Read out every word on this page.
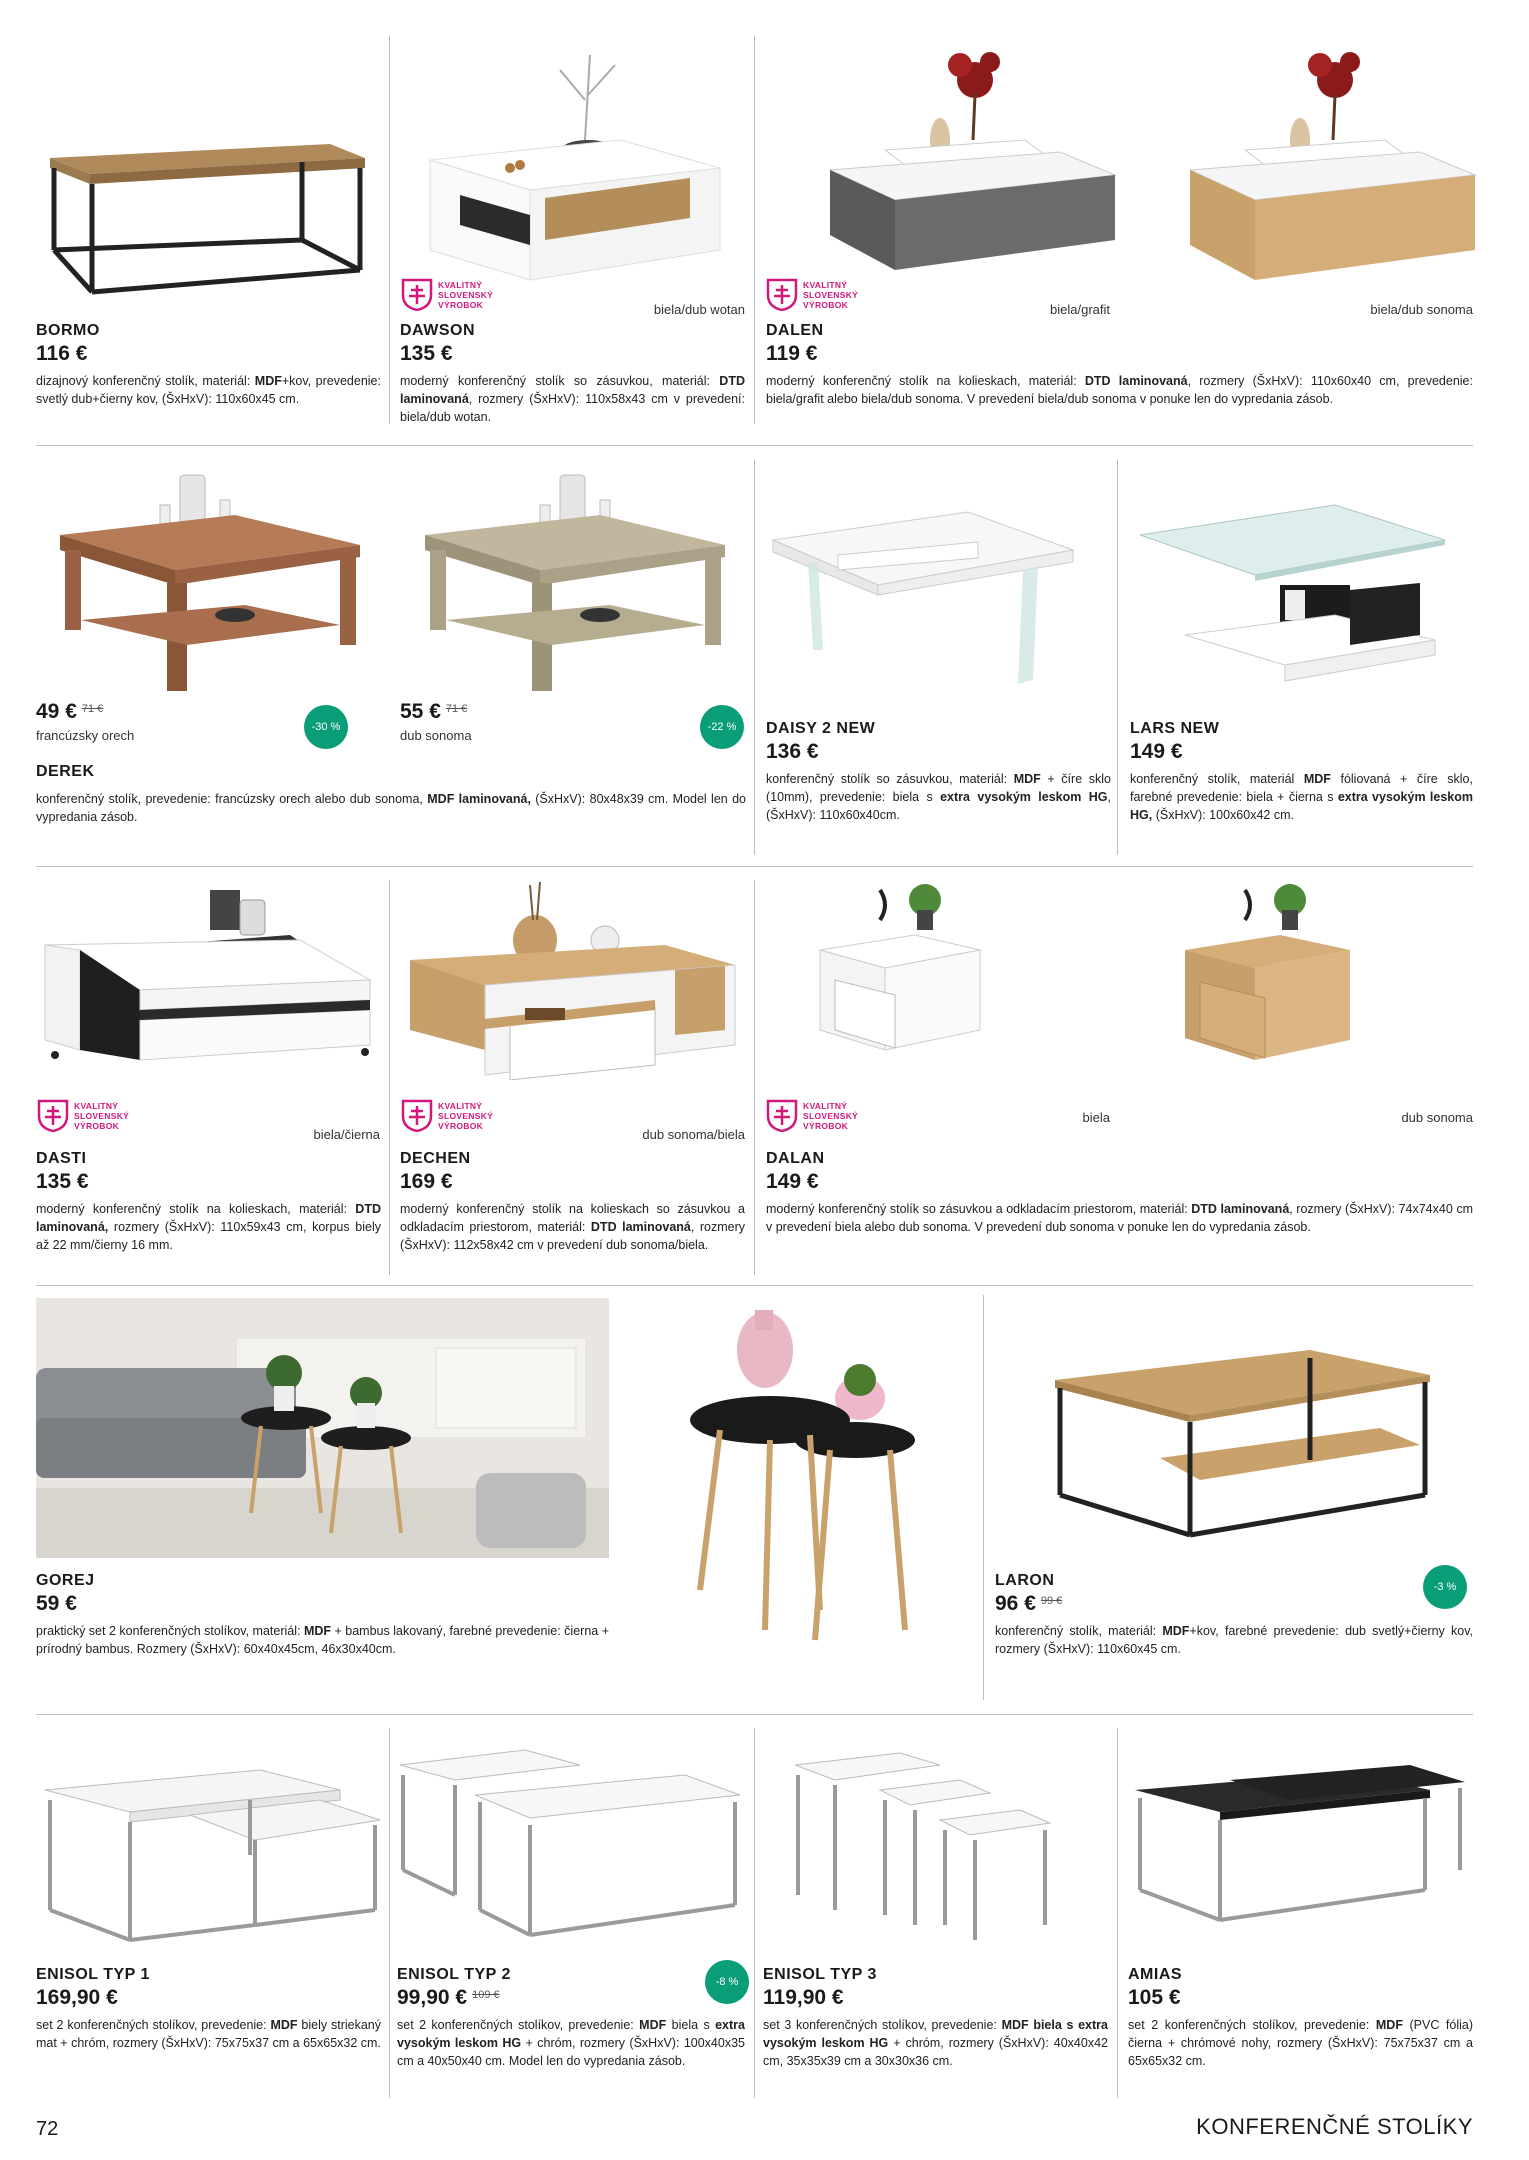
BORMO
116 €
dizajnový konferenčný stolík, materiál: MDF+kov, prevedenie: svetlý dub+čierny kov, (ŠxHxV): 110x60x45 cm.
KVALITNÝ
SLOVENSKÝ
VÝROBOK	biela/dub wotan
DAWSON
135 €
moderný konferenčný stolík so zásuvkou, materiál: DTD laminovaná, rozmery (ŠxHxV): 110x58x43 cm v prevedení: biela/dub wotan.
KVALITNÝ
SLOVENSKÝ
VÝROBOK	biela/grafit	biela/dub sonoma
DALEN
119 €
moderný konferenčný stolík na kolieskach, materiál: DTD laminovaná, rozmery (ŠxHxV): 110x60x40 cm, prevedenie: biela/grafit alebo biela/dub sonoma. V prevedení biela/dub sonoma v ponuke len do vypredania zásob.
49 € $^{71 €}$
francúzsky orech
-30 %
55 € $^{71 €}$
dub sonoma
-22 %
DEREK
konferenčný stolík, prevedenie: francúzsky orech alebo dub sonoma, MDF laminovaná, (ŠxHxV): 80x48x39 cm. Model len do vypredania zásob.
DAISY 2 NEW
136 €
konferenčný stolík so zásuvkou, materiál: MDF + číre sklo (10mm), prevedenie: biela s extra vysokým leskom HG, (ŠxHxV): 110x60x40cm.
LARS NEW
149 €
konferenčný stolík, materiál MDF fóliovaná + číre sklo, farebné prevedenie: biela + čierna s extra vysokým leskom HG, (ŠxHxV): 100x60x42 cm.
KVALITNÝ
SLOVENSKÝ
VÝROBOK
biela/čierna
DASTI
135 €
moderný konferenčný stolík na kolieskach, materiál: DTD laminovaná, rozmery (ŠxHxV): 110x59x43 cm, korpus biely až 22 mm/čierny 16 mm.
KVALITNÝ
SLOVENSKÝ
VÝROBOK
dub sonoma/biela
DECHEN
169 €
moderný konferenčný stolík na kolieskach so zásuvkou a odkladacím priestorom, materiál: DTD laminovaná, rozmery (ŠxHxV): 112x58x42 cm v prevedení dub sonoma/biela.
KVALITNÝ
SLOVENSKÝ
VÝROBOK
biela	dub sonoma
DALAN
149 €
moderný konferenčný stolík so zásuvkou a odkladacím priestorom, materiál: DTD laminovaná, rozmery (ŠxHxV): 74x74x40 cm v prevedení biela alebo dub sonoma. V prevedení dub sonoma v ponuke len do vypredania zásob.
GOREJ
59 €
praktický set 2 konferenčných stolíkov, materiál: MDF + bambus lakovaný, farebné prevedenie: čierna + prírodný bambus. Rozmery (ŠxHxV): 60x40x45cm, 46x30x40cm.
LARON
96 € $^{99 €}$
-3 %
konferenčný stolík, materiál: MDF+kov, farebné prevedenie: dub svetlý+čierny kov, rozmery (ŠxHxV): 110x60x45 cm.
ENISOL TYP 1
169,90 €
set 2 konferenčných stolíkov, prevedenie: MDF biely striekaný mat + chróm, rozmery (ŠxHxV): 75x75x37 cm a 65x65x32 cm.
ENISOL TYP 2
99,90 € $^{109 €}$
-8 %
set 2 konferenčných stolíkov, prevedenie: MDF biela s extra vysokým leskom HG + chróm, rozmery (ŠxHxV): 100x40x35 cm a 40x50x40 cm. Model len do vypredania zásob.
ENISOL TYP 3
119,90 €
set 3 konferenčných stolíkov, prevedenie: MDF biela s extra vysokým leskom HG + chróm, rozmery (ŠxHxV): 40x40x42 cm, 35x35x39 cm a 30x30x36 cm.
AMIAS
105 €
set 2 konferenčných stolíkov, prevedenie: MDF (PVC fólia) čierna + chrómové nohy, rozmery (ŠxHxV): 75x75x37 cm a 65x65x32 cm.
72	KONFERENČNÉ STOLÍKY
